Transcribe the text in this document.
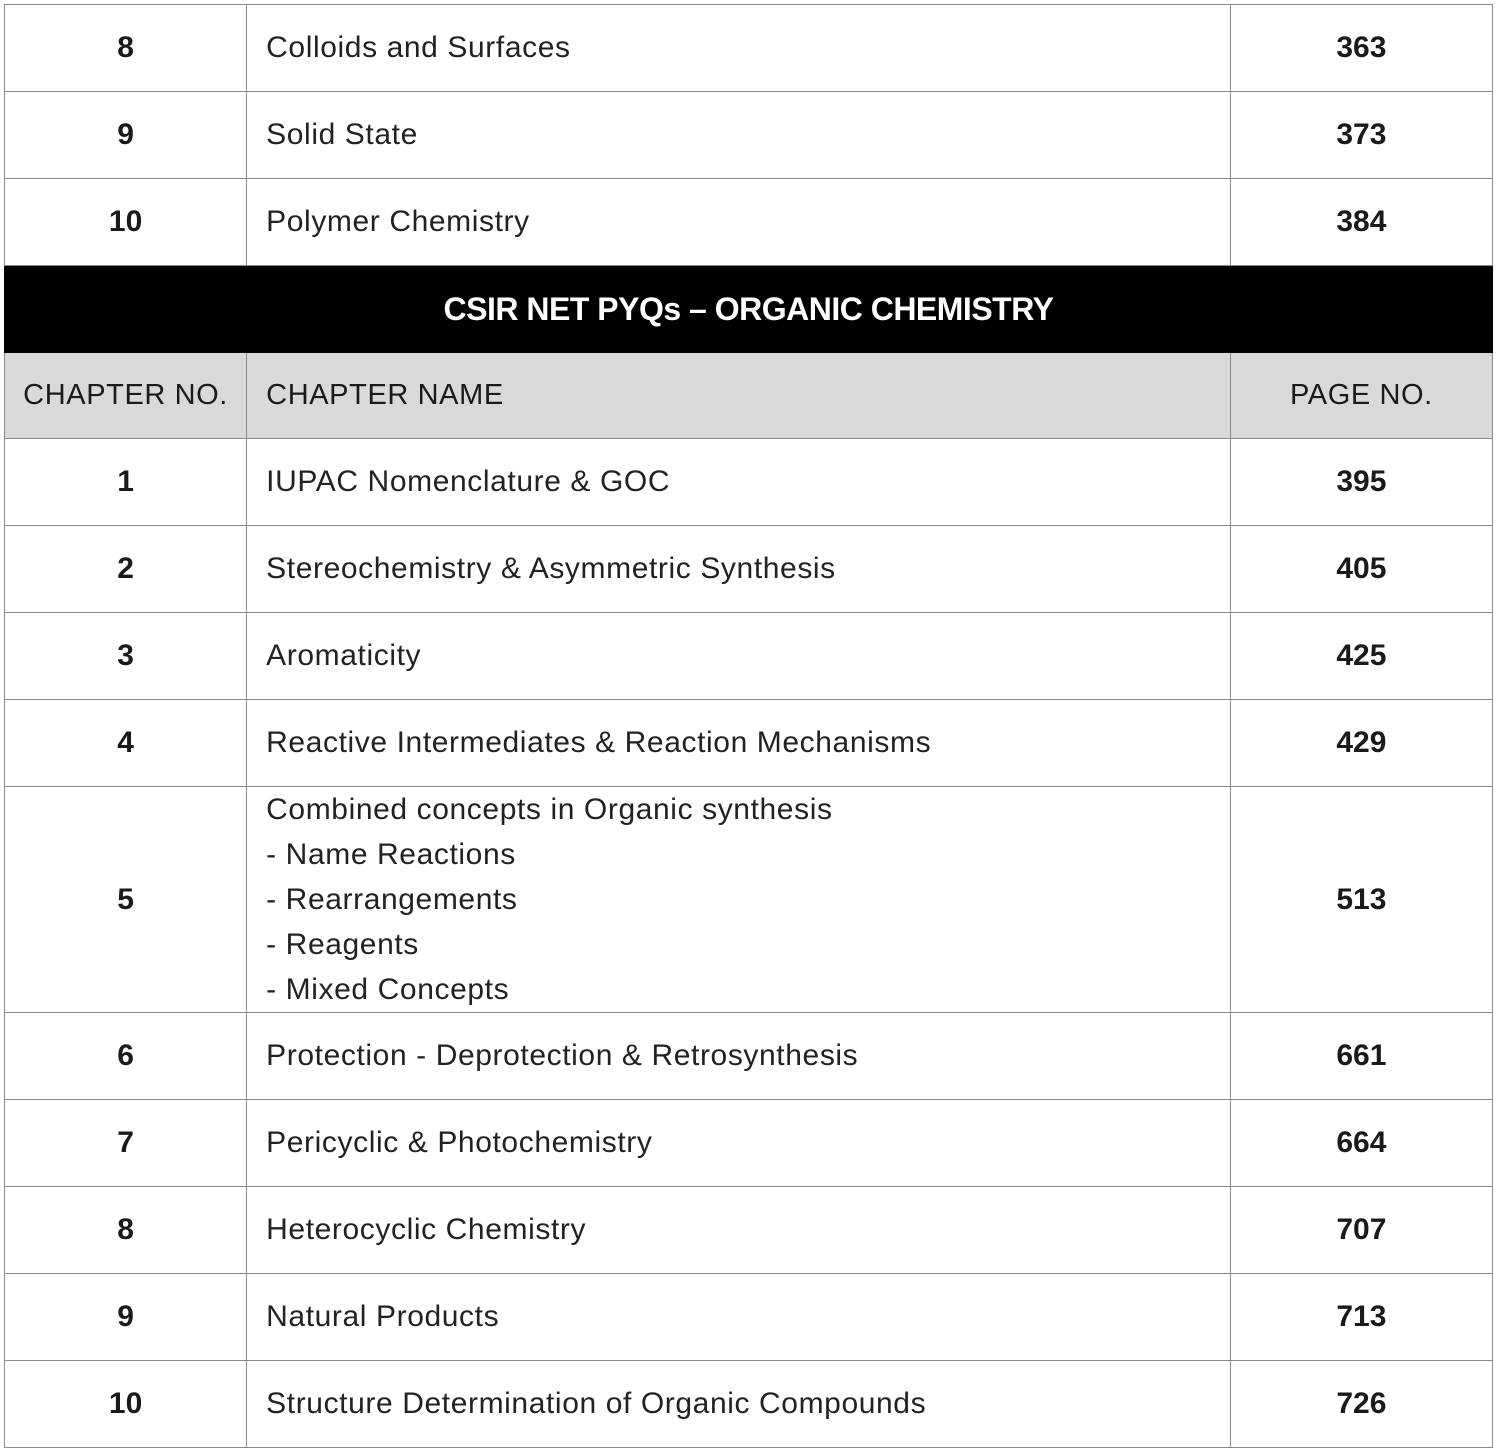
8	Colloids and Surfaces	363
9	Solid State	373
10	Polymer Chemistry	384
CSIR NET PYQs – ORGANIC CHEMISTRY		
CHAPTER NO.	CHAPTER NAME	PAGE NO.
1	IUPAC Nomenclature & GOC	395
2	Stereochemistry & Asymmetric Synthesis	405
3	Aromaticity	425
4	Reactive Intermediates & Reaction Mechanisms	429
5	Combined concepts in Organic synthesis
- Name Reactions
- Rearrangements
- Reagents
- Mixed Concepts	513
6	Protection - Deprotection & Retrosynthesis	661
7	Pericyclic & Photochemistry	664
8	Heterocyclic Chemistry	707
9	Natural Products	713
10	Structure Determination of Organic Compounds	726
